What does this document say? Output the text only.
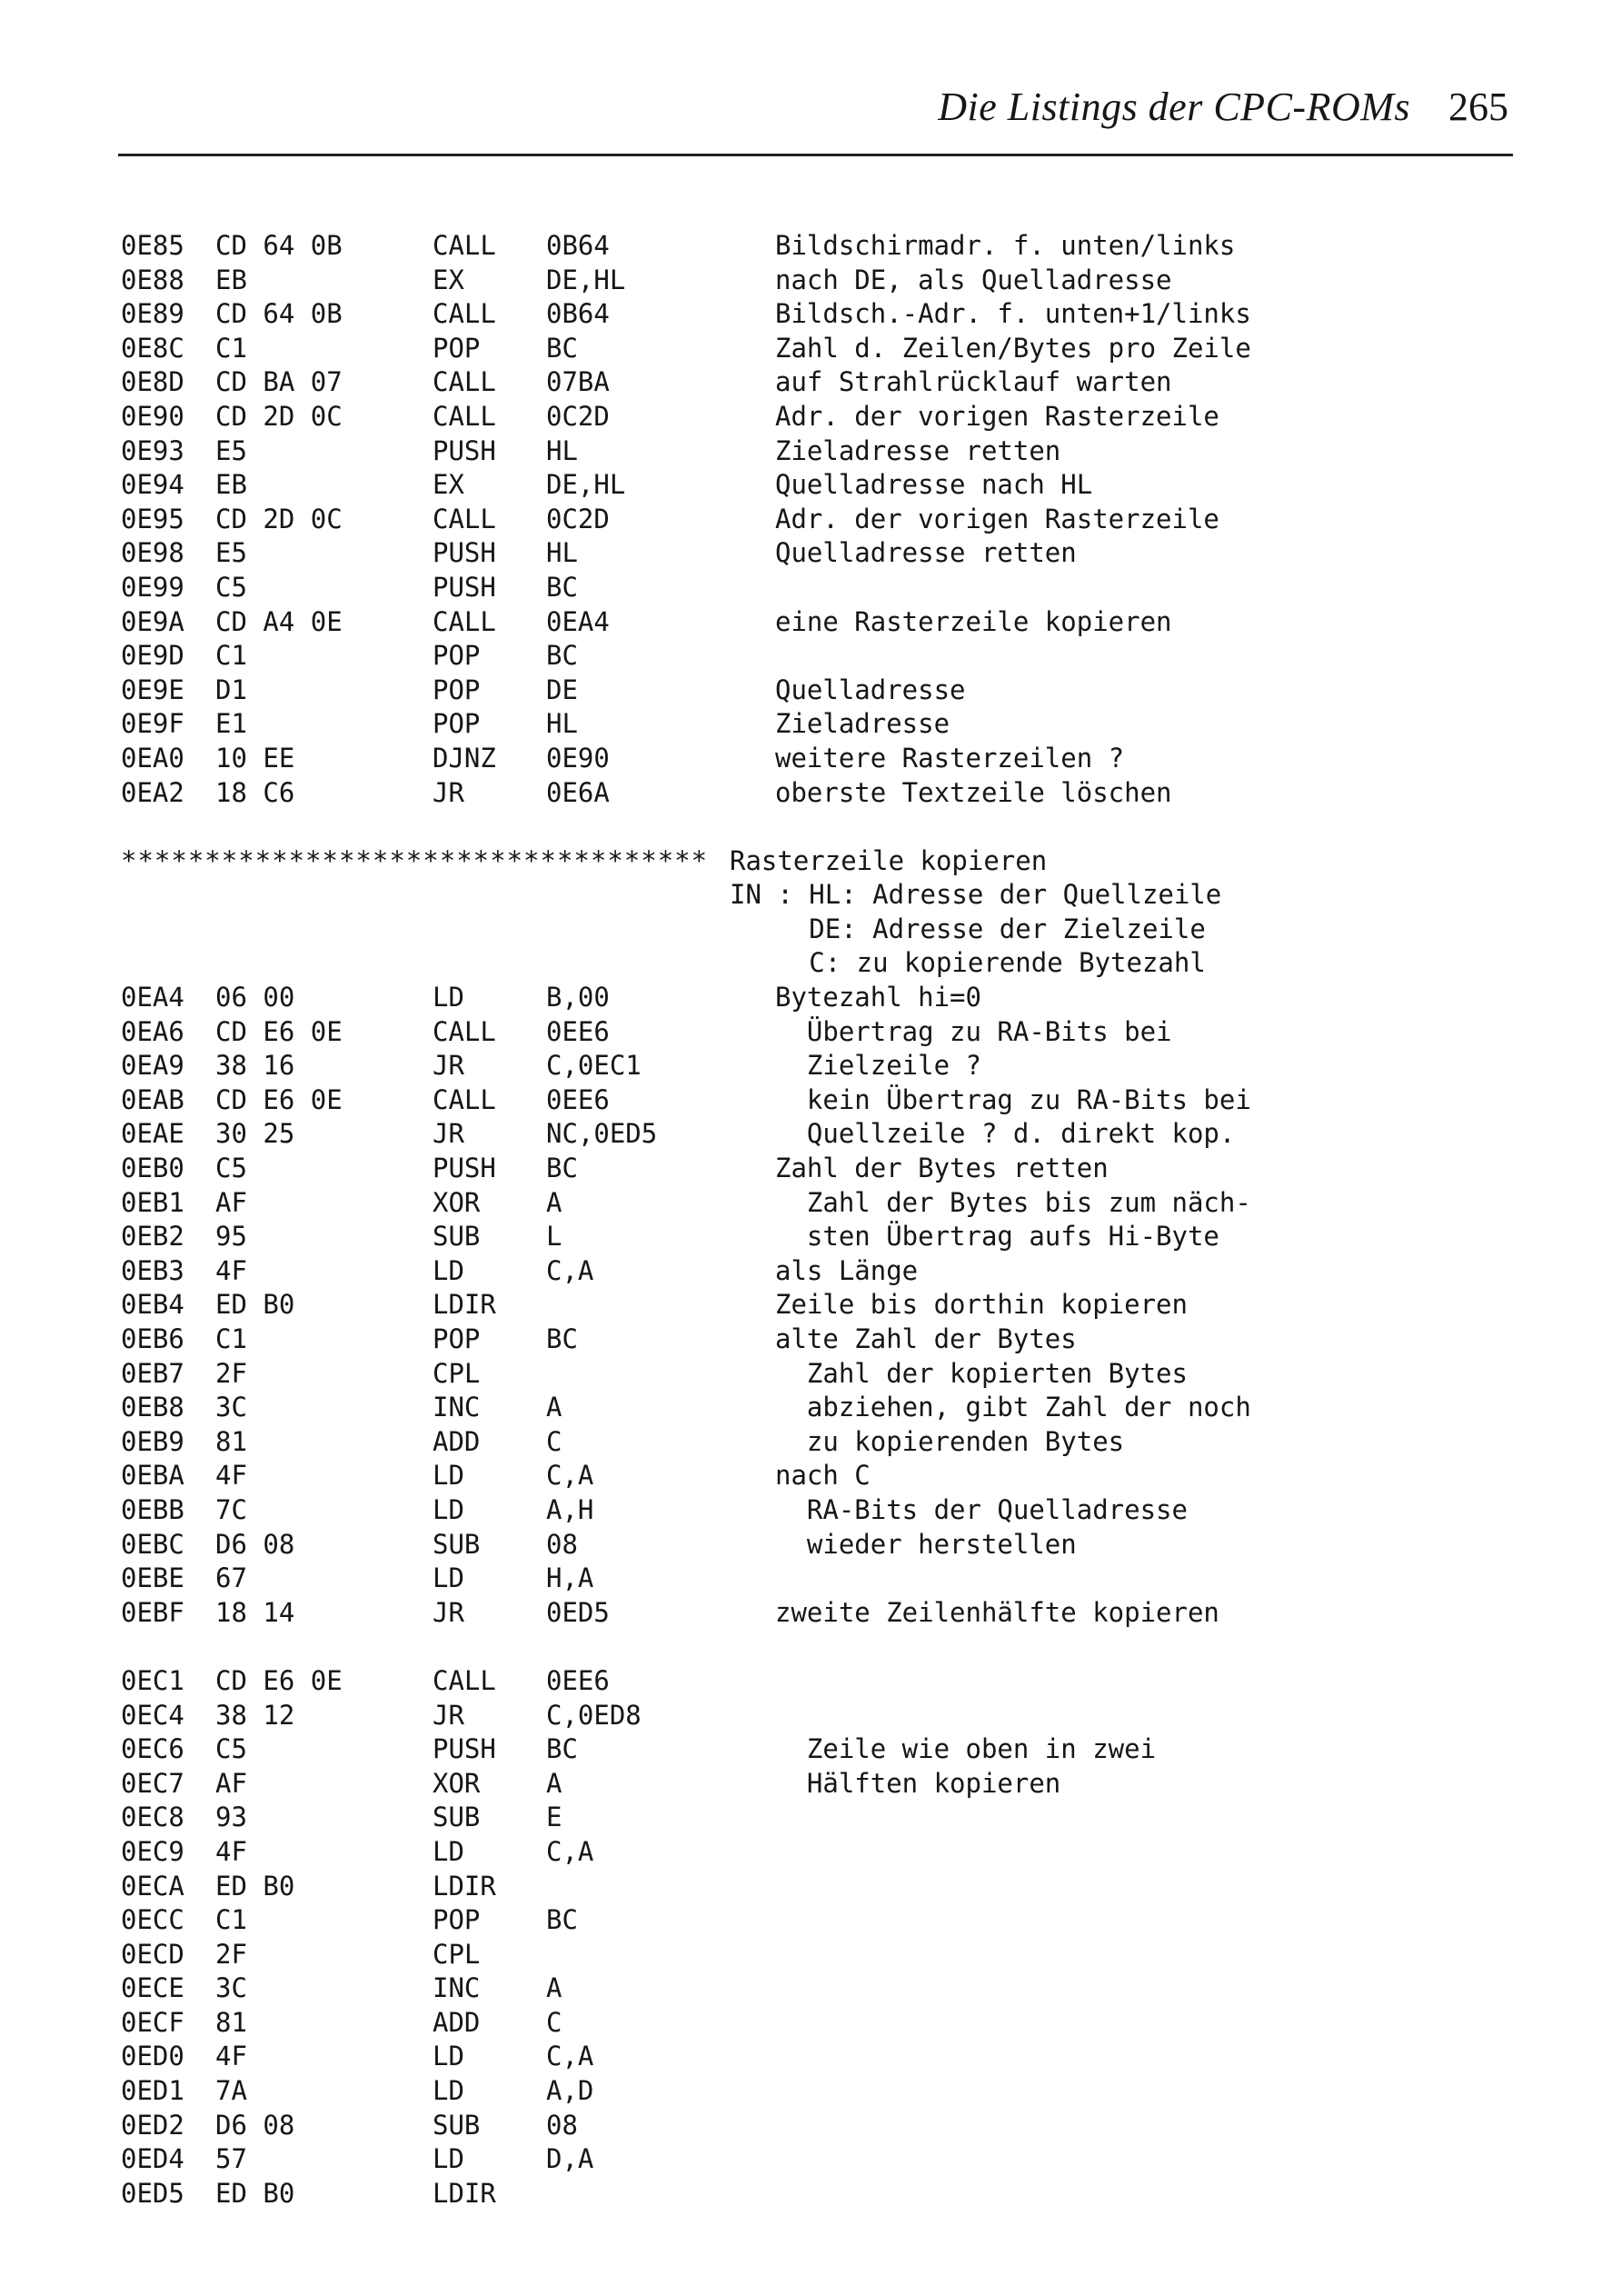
Die Listings der CPC-ROMs 265
0E85 CD 64 0B	CALL 0B64	Bildschirmadr. f. unten/links
0E88 EB	EX	DE,HL	nach DE, als Quelladresse
0E89 CD 64 0B	CALL 0B64	Bildsch.-Adr. f. unten+1/links
0E8C C1	POP	BC	Zahl d. Zeilen/Bytes pro Zeile
0E8D CD BA 07	CALL 07BA	auf Strahlrücklauf warten
0E90 CD 2D 0C	CALL 0C2D	Adr. der vorigen Rasterzeile
0E93 E5	PUSH HL	Zieladresse retten
0E94 EB	EX	DE,HL	Quelladresse nach HL
0E95 CD 2D 0C	CALL 0C2D	Adr. der vorigen Rasterzeile
0E98 E5	PUSH HL	Quelladresse retten
0E99 C5	PUSH BC
0E9A CD A4 0E	CALL 0EA4	eine Rasterzeile kopieren
0E9D C1	POP	BC
0E9E D1	POP	DE	Quelladresse
0E9F E1	POP	HL	Zieladresse
0EA0 10 EE	DJNZ 0E90	weitere Rasterzeilen ?
0EA2 18 C6	JR	0E6A	oberste Textzeile löschen
*********************************** Rasterzeile kopieren
IN : HL: Adresse der Quellzeile
DE: Adresse der Zielzeile
C: zu kopierende Bytezahl
0EA4 06 00	LD	B,00	Bytezahl hi=0
0EA6 CD E6 0E	CALL 0EE6	Übertrag zu RA-Bits bei
0EA9 38 16	JR	C,0EC1	Zielzeile ?
0EAB CD E6 0E	CALL 0EE6	kein Übertrag zu RA-Bits bei
0EAE 30 25	JR	NC,0ED5	Quellzeile ? d. direkt kop.
0EB0 C5	PUSH BC	Zahl der Bytes retten
0EB1 AF	XOR	A	Zahl der Bytes bis zum näch-
0EB2 95	SUB	L	sten Übertrag aufs Hi-Byte
0EB3 4F	LD	C,A	als Länge
0EB4 ED B0	LDIR	Zeile bis dorthin kopieren
0EB6 C1	POP	BC	alte Zahl der Bytes
0EB7 2F	CPL	Zahl der kopierten Bytes
0EB8 3C	INC	A	abziehen, gibt Zahl der noch
0EB9 81	ADD	C	zu kopierenden Bytes
0EBA 4F	LD	C,A	nach C
0EBB 7C	LD	A,H	RA-Bits der Quelladresse
0EBC D6 08	SUB	08	wieder herstellen
0EBE 67	LD	H,A
0EBF 18 14	JR	0ED5	zweite Zeilenhälfte kopieren
0EC1 CD E6 0E	CALL 0EE6
0EC4 38 12	JR	C,0ED8
0EC6 C5	PUSH BC	Zeile wie oben in zwei
0EC7 AF	XOR	A	Hälften kopieren
0EC8 93	SUB	E
0EC9 4F	LD	C,A
0ECA ED B0	LDIR
0ECC C1	POP	BC
0ECD 2F	CPL
0ECE 3C	INC	A
0ECF 81	ADD	C
0ED0 4F	LD	C,A
0ED1 7A	LD	A,D
0ED2 D6 08	SUB	08
0ED4 57	LD	D,A
0ED5 ED B0	LDIR
